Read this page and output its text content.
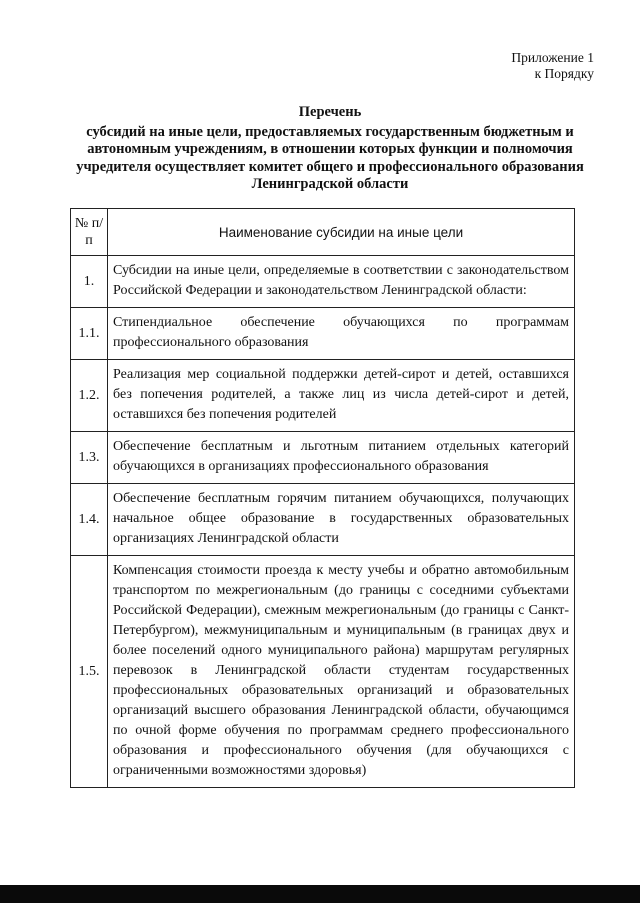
Приложение 1
к Порядку
Перечень
субсидий на иные цели, предоставляемых государственным бюджетным и автономным учреждениям, в отношении которых функции и полномочия учредителя осуществляет комитет общего и профессионального образования Ленинградской области
№ п/п	Наименование субсидии на иные цели
1.	Субсидии на иные цели, определяемые в соответствии с законодательством Российской Федерации и законодательством Ленинградской области:
1.1.	Стипендиальное обеспечение обучающихся по программам профессионального образования
1.2.	Реализация мер социальной поддержки детей-сирот и детей, оставшихся без попечения родителей, а также лиц из числа детей-сирот и детей, оставшихся без попечения родителей
1.3.	Обеспечение бесплатным и льготным питанием отдельных категорий обучающихся в организациях профессионального образования
1.4.	Обеспечение бесплатным горячим питанием обучающихся, получающих начальное общее образование в государственных образовательных организациях Ленинградской области
1.5.	Компенсация стоимости проезда к месту учебы и обратно автомобильным транспортом по межрегиональным (до границы с соседними субъектами Российской Федерации), смежным межрегиональным (до границы с Санкт-Петербургом), межмуниципальным и муниципальным (в границах двух и более поселений одного муниципального района) маршрутам регулярных перевозок в Ленинградской области студентам государственных профессиональных образовательных организаций и образовательных организаций высшего образования Ленинградской области, обучающимся по очной форме обучения по программам среднего профессионального образования и профессионального обучения (для обучающихся с ограниченными возможностями здоровья)
